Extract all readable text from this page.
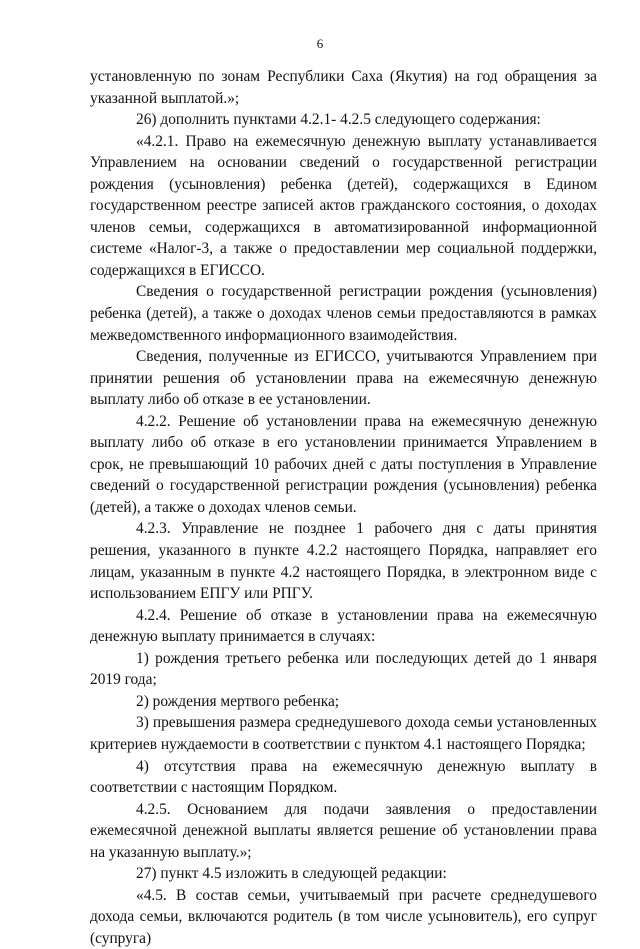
6

установленную по зонам Республики Саха (Якутия) на год обращения за указанной выплатой.»;

26) дополнить пунктами 4.2.1- 4.2.5 следующего содержания:

«4.2.1. Право на ежемесячную денежную выплату устанавливается Управлением на основании сведений о государственной регистрации рождения (усыновления) ребенка (детей), содержащихся в Едином государственном реестре записей актов гражданского состояния, о доходах членов семьи, содержащихся в автоматизированной информационной системе «Налог-3, а также о предоставлении мер социальной поддержки, содержащихся в ЕГИССО.

Сведения о государственной регистрации рождения (усыновления) ребенка (детей), а также о доходах членов семьи предоставляются в рамках межведомственного информационного взаимодействия.

Сведения, полученные из ЕГИССО, учитываются Управлением при принятии решения об установлении права на ежемесячную денежную выплату либо об отказе в ее установлении.

4.2.2. Решение об установлении права на ежемесячную денежную выплату либо об отказе в его установлении принимается Управлением в срок, не превышающий 10 рабочих дней с даты поступления в Управление сведений о государственной регистрации рождения (усыновления) ребенка (детей), а также о доходах членов семьи.

4.2.3. Управление не позднее 1 рабочего дня с даты принятия решения, указанного в пункте 4.2.2 настоящего Порядка, направляет его лицам, указанным в пункте 4.2 настоящего Порядка, в электронном виде с использованием ЕПГУ или РПГУ.

4.2.4. Решение об отказе в установлении права на ежемесячную денежную выплату принимается в случаях:

1) рождения третьего ребенка или последующих детей до 1 января 2019 года;

2) рождения мертвого ребенка;

3) превышения размера среднедушевого дохода семьи установленных критериев нуждаемости в соответствии с пунктом 4.1 настоящего Порядка;

4) отсутствия права на ежемесячную денежную выплату в соответствии с настоящим Порядком.

4.2.5. Основанием для подачи заявления о предоставлении ежемесячной денежной выплаты является решение об установлении права на указанную выплату.»;

27) пункт 4.5 изложить в следующей редакции:

«4.5. В состав семьи, учитываемый при расчете среднедушевого дохода семьи, включаются родитель (в том числе усыновитель), его супруг (супруга)
